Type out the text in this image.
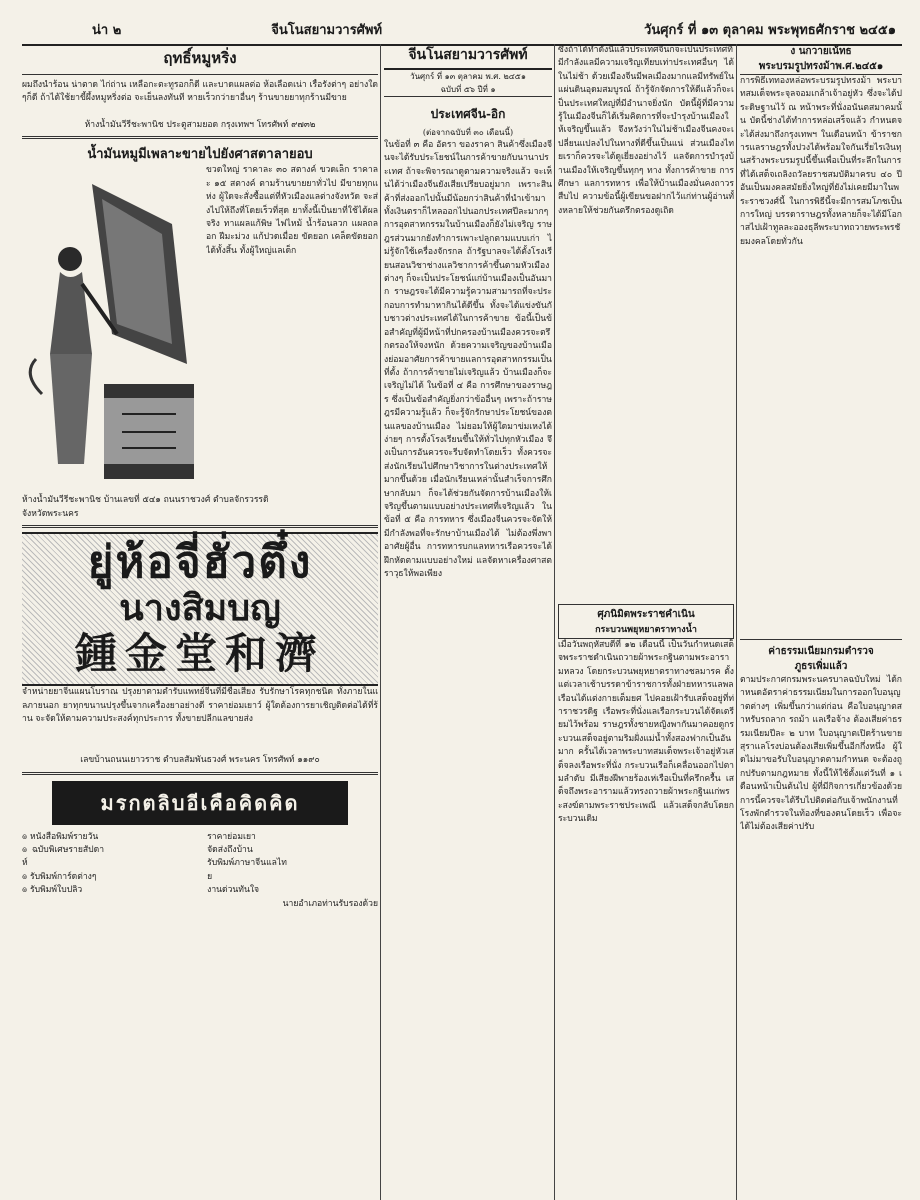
น่า ๒	จีนโนสยามวารศัพท์	วันศุกร์ ที่ ๑๓ ตุลาคม พระพุทธศักราช ๒๔๕๑
ฤทธิ์หมูหริ่ง
ผมถึงนำร้อน น่าตาด ไก่ถ่าน เหลือกะตะทูรอกก็ดี และบาดแผลต่อ ห้อเลือดเน่า เรื้อรังต่าๆ อย่างใดๆก็ดี ถ้าได้ใช้ยาขี้ผึ้งหมูหริ่งต่อ จะเย็นลงทันที หายเร็วกว่ายาอื่นๆ ร้านขายยาทุกร้านมีขาย
ห้างน้ำมันวีรีชะพานิช ประตูสามยอด กรุงเทพฯ โทรศัพท์ ๙๗๓๒
น้ำมันหมูมีเพลาะขายไปยังศาสตาลายอบ
ขวดใหญ่ ราคาละ ๓๐ สตางค์ ขวดเล็ก ราคาละ ๑๕ สตางค์ ตามร้านขายยาทั่วไป มีขายทุกแห่ง ผู้ใดจะสั่งซื้อแต่ที่หัวเมืองแลต่างจังหวัด จะส่งไปให้ถึงที่โดยเร็วที่สุด ยาทั้งนี้เป็นยาที่ใช้ได้ผลจริง ทาแผลแก้พิษ ไฟไหม้ น้ำร้อนลวก แผลถลอก ฝีมะม่วง แก้ปวดเมื่อย ขัดยอก เคล็ดขัดยอก ได้ทั้งสิ้น ทั้งผู้ใหญ่แลเด็ก
ห้างน้ำมันวีรีชะพานิช บ้านเลขที่ ๕๔๑ ถนนราชวงศ์ ตำบลจักรวรรดิ
จังหวัดพระนคร
ยู่ห้อจี่ฮั่วตึ๋ง
นางสิมบญ
鍾金堂和濟
จำหน่ายยาจีนแผนโบราณ ปรุงยาตามตำรับแพทย์จีนที่มีชื่อเสียง รับรักษาโรคทุกชนิด ทั้งภายในแลภายนอก ยาทุกขนานปรุงขึ้นจากเครื่องยาอย่างดี ราคาย่อมเยาว์ ผู้ใดต้องการยาเชิญติดต่อได้ที่ร้าน จะจัดให้ตามความประสงค์ทุกประการ ทั้งขายปลีกแลขายส่ง
เลขบ้านถนนเยาวราช ตำบลสัมพันธวงศ์ พระนคร โทรศัพท์ ๑๑๙๐
มรกตลิบอีเคือคิดคิด
๏ หนังสือพิมพ์รายวัน
๏ ฉบับพิเศษรายสัปดาห์
๏ รับพิมพ์การ์ดต่างๆ
๏ รับพิมพ์ใบปลิว
ราคาย่อมเยา
จัดส่งถึงบ้าน
รับพิมพ์ภาษาจีนแลไทย
งานด่วนทันใจ
นายอำเภอท่านรับรองด้วย
จีนโนสยามวารศัพท์
วันศุกร์ ที่ ๑๓ ตุลาคม พ.ศ. ๒๔๕๑
ฉบับที่ ๕๖ ปีที่ ๑
ประเทศจีน-อิก
(ต่อจากฉบับที่ ๓๐ เดือนนี้)
ในข้อที่ ๓ คือ อัตรา ของราคา สินค้าซึ่งเมืองจีนจะได้รับประโยชน์ในการค้าขายกับนานาประเทศ ถ้าจะพิจารณาดูตามความจริงแล้ว จะเห็นได้ว่าเมืองจีนยังเสียเปรียบอยู่มาก เพราะสินค้าที่ส่งออกไปนั้นมีน้อยกว่าสินค้าที่นำเข้ามา ทั้งเงินตราก็ไหลออกไปนอกประเทศปีละมากๆ การอุตสาหกรรมในบ้านเมืองก็ยังไม่เจริญ ราษฎรส่วนมากยังทำการเพาะปลูกตามแบบเก่า ไม่รู้จักใช้เครื่องจักรกล ถ้ารัฐบาลจะได้ตั้งโรงเรียนสอนวิชาช่างแลวิชาการค้าขึ้นตามหัวเมืองต่างๆ ก็จะเป็นประโยชน์แก่บ้านเมืองเป็นอันมาก ราษฎรจะได้มีความรู้ความสามารถที่จะประกอบการทำมาหากินได้ดีขึ้น ทั้งจะได้แข่งขันกับชาวต่างประเทศได้ในการค้าขาย ข้อนี้เป็นข้อสำคัญที่ผู้มีหน้าที่ปกครองบ้านเมืองควรจะตรึกตรองให้จงหนัก ด้วยความเจริญของบ้านเมืองย่อมอาศัยการค้าขายแลการอุตสาหกรรมเป็นที่ตั้ง ถ้าการค้าขายไม่เจริญแล้ว บ้านเมืองก็จะเจริญไม่ได้ ในข้อที่ ๔ คือ การศึกษาของราษฎร ซึ่งเป็นข้อสำคัญยิ่งกว่าข้ออื่นๆ เพราะถ้าราษฎรมีความรู้แล้ว ก็จะรู้จักรักษาประโยชน์ของตนแลของบ้านเมือง ไม่ยอมให้ผู้ใดมาข่มเหงได้ง่ายๆ การตั้งโรงเรียนขึ้นให้ทั่วไปทุกหัวเมือง จึงเป็นการอันควรจะรีบจัดทำโดยเร็ว ทั้งควรจะส่งนักเรียนไปศึกษาวิชาการในต่างประเทศให้มากขึ้นด้วย เมื่อนักเรียนเหล่านั้นสำเร็จการศึกษากลับมา ก็จะได้ช่วยกันจัดการบ้านเมืองให้เจริญขึ้นตามแบบอย่างประเทศที่เจริญแล้ว ในข้อที่ ๕ คือ การทหาร ซึ่งเมืองจีนควรจะจัดให้มีกำลังพอที่จะรักษาบ้านเมืองได้ ไม่ต้องพึ่งพาอาศัยผู้อื่น การทหารบกแลทหารเรือควรจะได้ฝึกหัดตามแบบอย่างใหม่ แลจัดหาเครื่องศาสตราวุธให้พอเพียง
ซึ่งถ้าได้ทำดังนี้แล้วประเทศจีนก็จะเป็นประเทศที่มีกำลังแลมีความเจริญเทียบเท่าประเทศอื่นๆ ได้ในไม่ช้า ด้วยเมืองจีนมีพลเมืองมากแลมีทรัพย์ในแผ่นดินอุดมสมบูรณ์ ถ้ารู้จักจัดการให้ดีแล้วก็จะเป็นประเทศใหญ่ที่มีอำนาจยิ่งนัก บัดนี้ผู้ที่มีความรู้ในเมืองจีนก็ได้เริ่มคิดการที่จะบำรุงบ้านเมืองให้เจริญขึ้นแล้ว จึงหวังว่าในไม่ช้าเมืองจีนคงจะเปลี่ยนแปลงไปในทางที่ดีขึ้นเป็นแน่ ส่วนเมืองไทยเราก็ควรจะได้ดูเยี่ยงอย่างไว้ แลจัดการบำรุงบ้านเมืองให้เจริญขึ้นทุกๆ ทาง ทั้งการค้าขาย การศึกษา แลการทหาร เพื่อให้บ้านเมืองมั่นคงถาวรสืบไป ความข้อนี้ผู้เขียนขอฝากไว้แก่ท่านผู้อ่านทั้งหลายให้ช่วยกันตรึกตรองดูเถิด
ศุภนิมิตพระราชคำเนิน
กระบวนพยุหยาตราทางน้ำ
เมื่อวันพฤหัสบดีที่ ๑๒ เดือนนี้ เป็นวันกำหนดเสด็จพระราชดำเนินถวายผ้าพระกฐินตามพระอารามหลวง โดยกระบวนพยุหยาตราทางชลมารค ตั้งแต่เวลาเช้าบรรดาข้าราชการทั้งฝ่ายทหารแลพลเรือนได้แต่งกายเต็มยศ ไปคอยเฝ้ารับเสด็จอยู่ที่ท่าราชวรดิฐ เรือพระที่นั่งแลเรือกระบวนได้จัดเตรียมไว้พร้อม ราษฎรทั้งชายหญิงพากันมาคอยดูกระบวนเสด็จอยู่ตามริมฝั่งแม่น้ำทั้งสองฟากเป็นอันมาก ครั้นได้เวลาพระบาทสมเด็จพระเจ้าอยู่หัวเสด็จลงเรือพระที่นั่ง กระบวนเรือก็เคลื่อนออกไปตามลำดับ มีเสียงฝีพายร้องเห่เรือเป็นที่ครึกครื้น เสด็จถึงพระอารามแล้วทรงถวายผ้าพระกฐินแก่พระสงฆ์ตามพระราชประเพณี แล้วเสด็จกลับโดยกระบวนเดิม
ง นกวายเน้ทธ
พระบรมรูปทรงม้าพ.ศ.๒๔๕๑
การพิธีเททองหล่อพระบรมรูปทรงม้า พระบาทสมเด็จพระจุลจอมเกล้าเจ้าอยู่หัว ซึ่งจะได้ประดิษฐานไว้ ณ หน้าพระที่นั่งอนันตสมาคมนั้น บัดนี้ช่างได้ทำการหล่อเสร็จแล้ว กำหนดจะได้ส่งมาถึงกรุงเทพฯ ในเดือนหน้า ข้าราชการแลราษฎรทั้งปวงได้พร้อมใจกันเรี่ยไรเงินทุนสร้างพระบรมรูปนี้ขึ้นเพื่อเป็นที่ระลึกในการที่ได้เสด็จเถลิงถวัลยราชสมบัติมาครบ ๔๐ ปี อันเป็นมงคลสมัยยิ่งใหญ่ที่ยังไม่เคยมีมาในพระราชวงศ์นี้ ในการพิธีนี้จะมีการสมโภชเป็นการใหญ่ บรรดาราษฎรทั้งหลายก็จะได้มีโอกาสไปเฝ้าทูลละอองธุลีพระบาทถวายพระพรชัยมงคลโดยทั่วกัน
ค่าธรรมเนียมกรมตำรวจ
ภูธรเพิ่มแล้ว
ตามประกาศกรมพระนครบาลฉบับใหม่ ได้กำหนดอัตราค่าธรรมเนียมในการออกใบอนุญาตต่างๆ เพิ่มขึ้นกว่าแต่ก่อน คือใบอนุญาตสำหรับรถลาก รถม้า แลเรือจ้าง ต้องเสียค่าธรรมเนียมปีละ ๒ บาท ใบอนุญาตเปิดร้านขายสุราแลโรงบ่อนต้องเสียเพิ่มขึ้นอีกกึ่งหนึ่ง ผู้ใดไม่มาขอรับใบอนุญาตตามกำหนด จะต้องถูกปรับตามกฎหมาย ทั้งนี้ให้ใช้ตั้งแต่วันที่ ๑ เดือนหน้าเป็นต้นไป ผู้ที่มีกิจการเกี่ยวข้องด้วยการนี้ควรจะได้รีบไปติดต่อกับเจ้าพนักงานที่โรงพักตำรวจในท้องที่ของตนโดยเร็ว เพื่อจะได้ไม่ต้องเสียค่าปรับ
